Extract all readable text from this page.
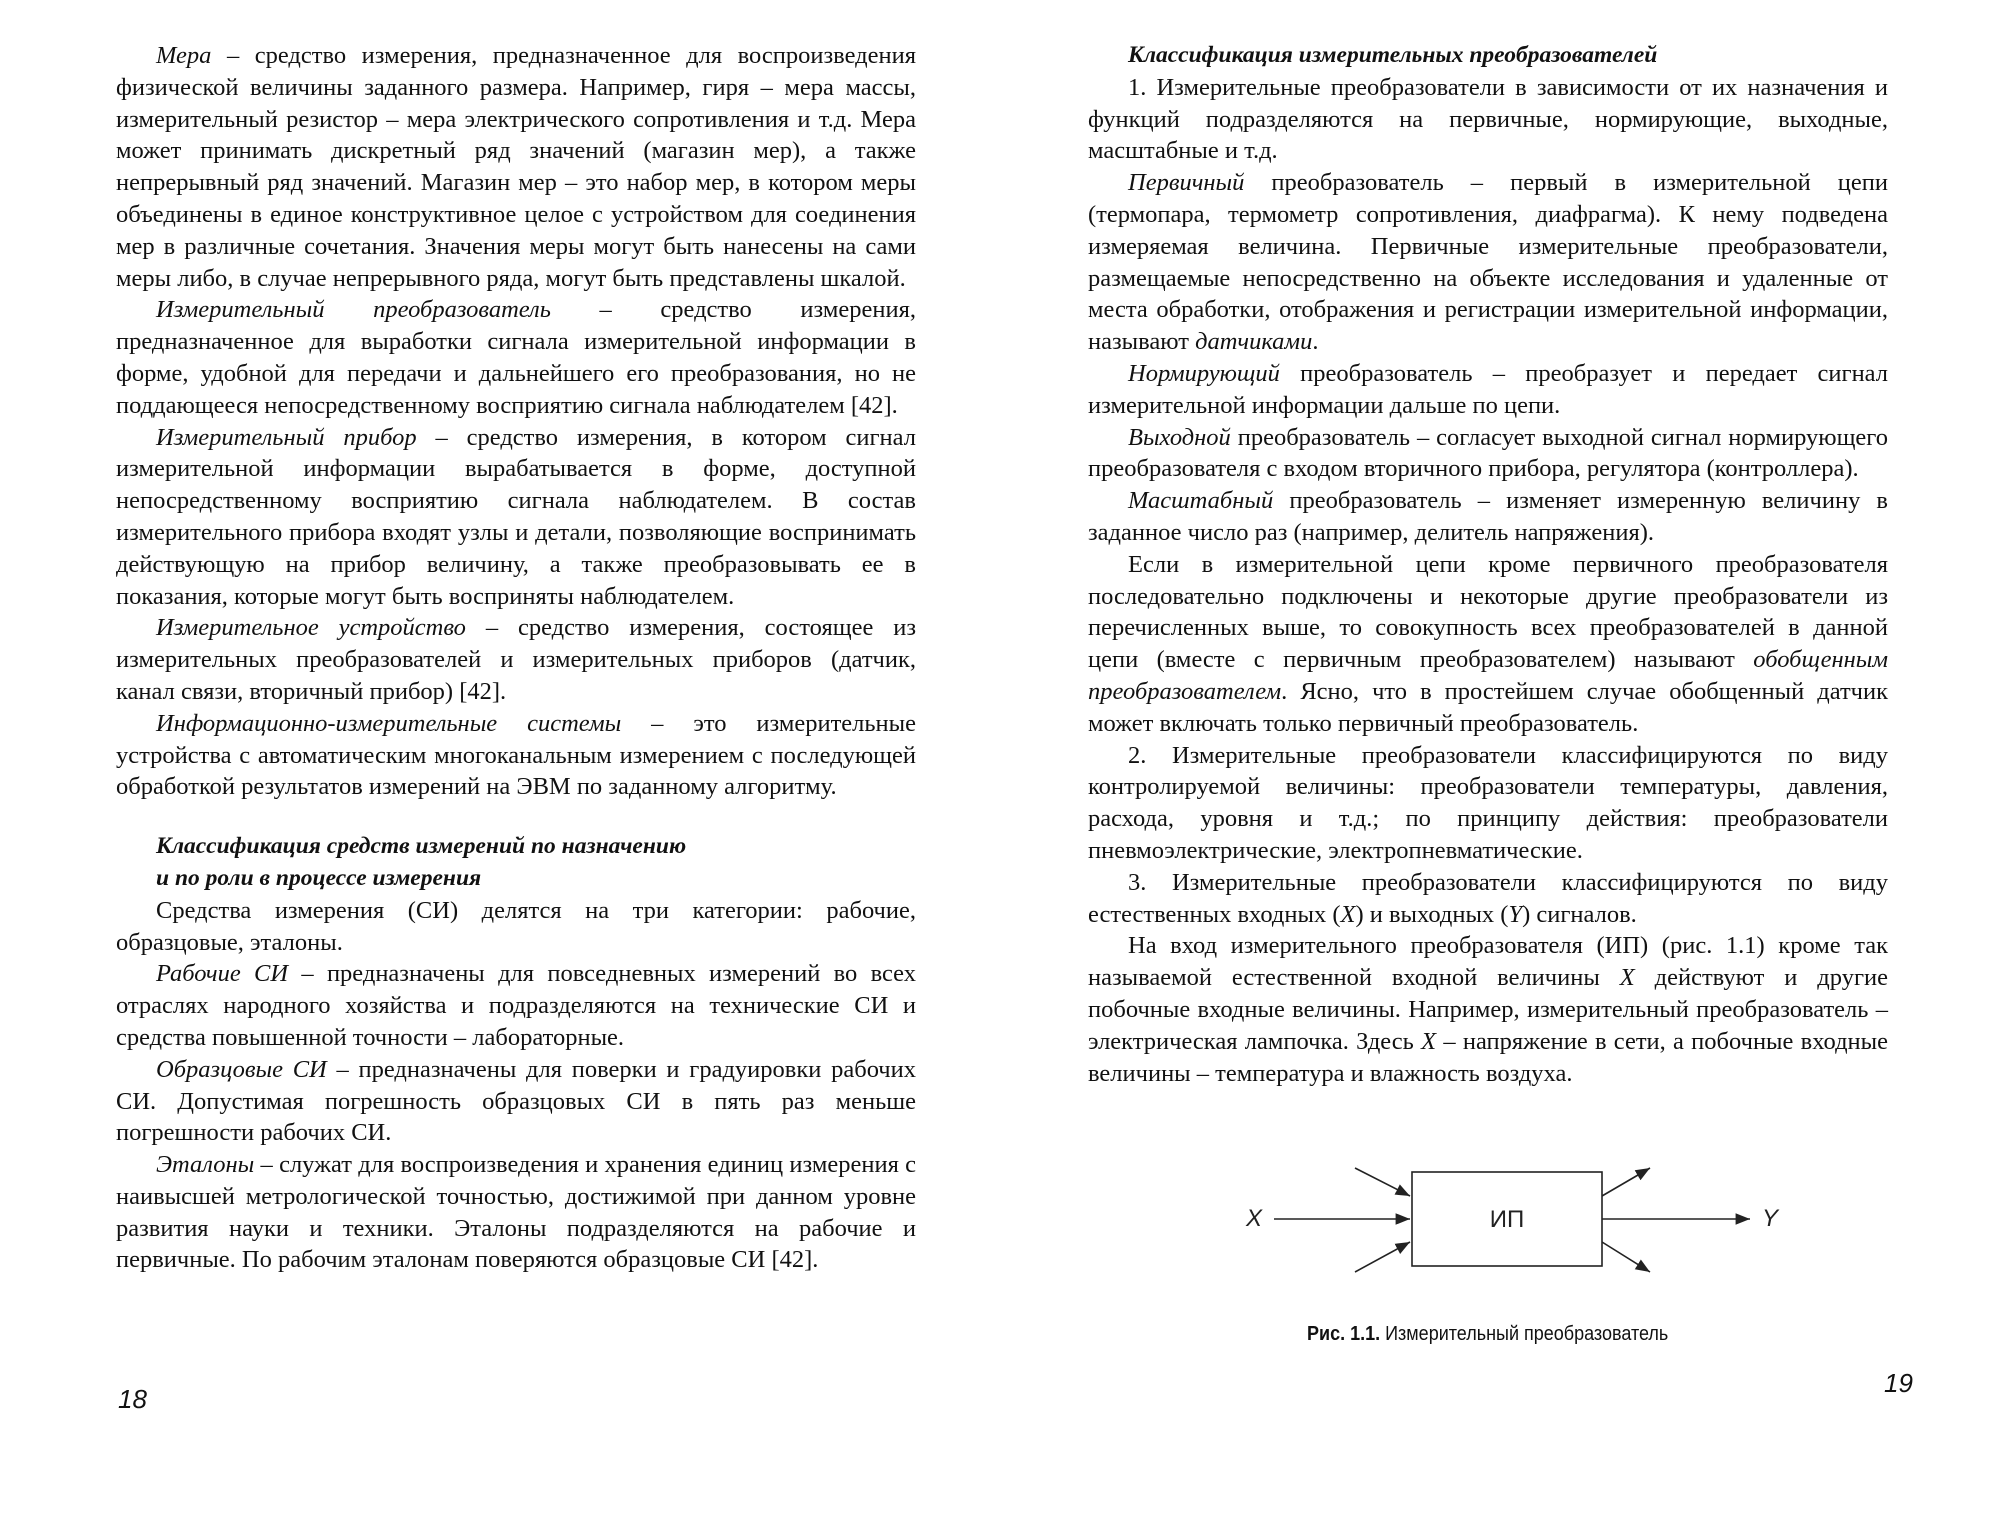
Мера – средство измерения, предназначенное для воспроизведения физической величины заданного размера. Например, гиря – мера массы, измерительный резистор – мера электрического сопротивления и т.д. Мера может принимать дискретный ряд значений (магазин мер), а также непрерывный ряд значений. Магазин мер – это набор мер, в котором меры объединены в единое конструктивное целое с устройством для соединения мер в различные сочетания. Значения меры могут быть нанесены на сами меры либо, в случае непрерывного ряда, могут быть представлены шкалой.

Измерительный преобразователь – средство измерения, предназначенное для выработки сигнала измерительной информации в форме, удобной для передачи и дальнейшего его преобразования, но не поддающееся непосредственному восприятию сигнала наблюдателем [42].

Измерительный прибор – средство измерения, в котором сигнал измерительной информации вырабатывается в форме, доступной непосредственному восприятию сигнала наблюдателем. В состав измерительного прибора входят узлы и детали, позволяющие воспринимать действующую на прибор величину, а также преобразовывать ее в показания, которые могут быть восприняты наблюдателем.

Измерительное устройство – средство измерения, состоящее из измерительных преобразователей и измерительных приборов (датчик, канал связи, вторичный прибор) [42].

Информационно-измерительные системы – это измерительные устройства с автоматическим многоканальным измерением с последующей обработкой результатов измерений на ЭВМ по заданному алгоритму.

Классификация средств измерений по назначению
и по роли в процессе измерения

Средства измерения (СИ) делятся на три категории: рабочие, образцовые, эталоны.

Рабочие СИ – предназначены для повседневных измерений во всех отраслях народного хозяйства и подразделяются на технические СИ и средства повышенной точности – лабораторные.

Образцовые СИ – предназначены для поверки и градуировки рабочих СИ. Допустимая погрешность образцовых СИ в пять раз меньше погрешности рабочих СИ.

Эталоны – служат для воспроизведения и хранения единиц измерения с наивысшей метрологической точностью, достижимой при данном уровне развития науки и техники. Эталоны подразделяются на рабочие и первичные. По рабочим эталонам поверяются образцовые СИ [42].

18
Классификация измерительных преобразователей

1. Измерительные преобразователи в зависимости от их назначения и функций подразделяются на первичные, нормирующие, выходные, масштабные и т.д.

Первичный преобразователь – первый в измерительной цепи (термопара, термометр сопротивления, диафрагма). К нему подведена измеряемая величина. Первичные измерительные преобразователи, размещаемые непосредственно на объекте исследования и удаленные от места обработки, отображения и регистрации измерительной информации, называют датчиками.

Нормирующий преобразователь – преобразует и передает сигнал измерительной информации дальше по цепи.

Выходной преобразователь – согласует выходной сигнал нормирующего преобразователя с входом вторичного прибора, регулятора (контроллера).

Масштабный преобразователь – изменяет измеренную величину в заданное число раз (например, делитель напряжения).

Если в измерительной цепи кроме первичного преобразователя последовательно подключены и некоторые другие преобразователи из перечисленных выше, то совокупность всех преобразователей в данной цепи (вместе с первичным преобразователем) называют обобщенным преобразователем. Ясно, что в простейшем случае обобщенный датчик может включать только первичный преобразователь.

2. Измерительные преобразователи классифицируются по виду контролируемой величины: преобразователи температуры, давления, расхода, уровня и т.д.; по принципу действия: преобразователи пневмоэлектрические, электропневматические.

3. Измерительные преобразователи классифицируются по виду естественных входных (X) и выходных (Y) сигналов.

На вход измерительного преобразователя (ИП) (рис. 1.1) кроме так называемой естественной входной величины X действуют и другие побочные входные величины. Например, измерительный преобразователь – электрическая лампочка. Здесь X – напряжение в сети, а побочные входные величины – температура и влажность воздуха.

X	ИП	Y
Рис. 1.1. Измерительный преобразователь
19
